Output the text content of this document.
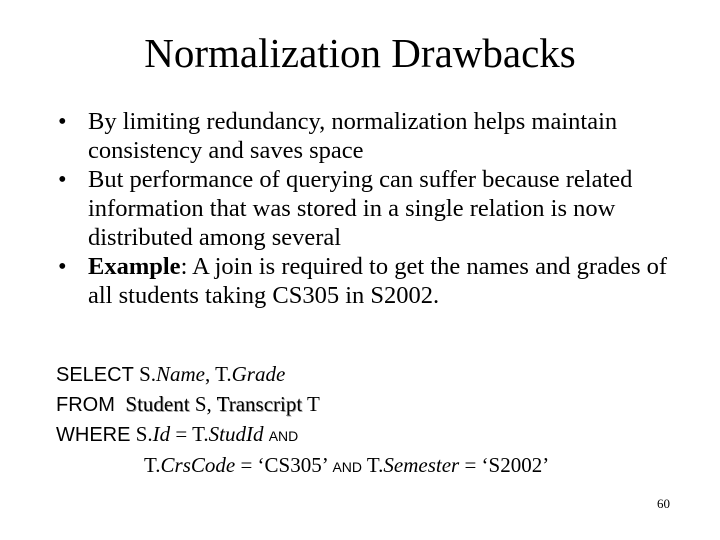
Normalization Drawbacks
• By limiting redundancy, normalization helps maintain consistency and saves space
• But performance of querying can suffer because related information that was stored in a single relation is now distributed among several
• Example: A join is required to get the names and grades of all students taking CS305 in S2002.
SELECT S.Name, T.Grade
FROM Student S, Transcript T
WHERE S.Id = T.StudId AND
T.CrsCode = ‘CS305’ AND T.Semester = ‘S2002’
60
